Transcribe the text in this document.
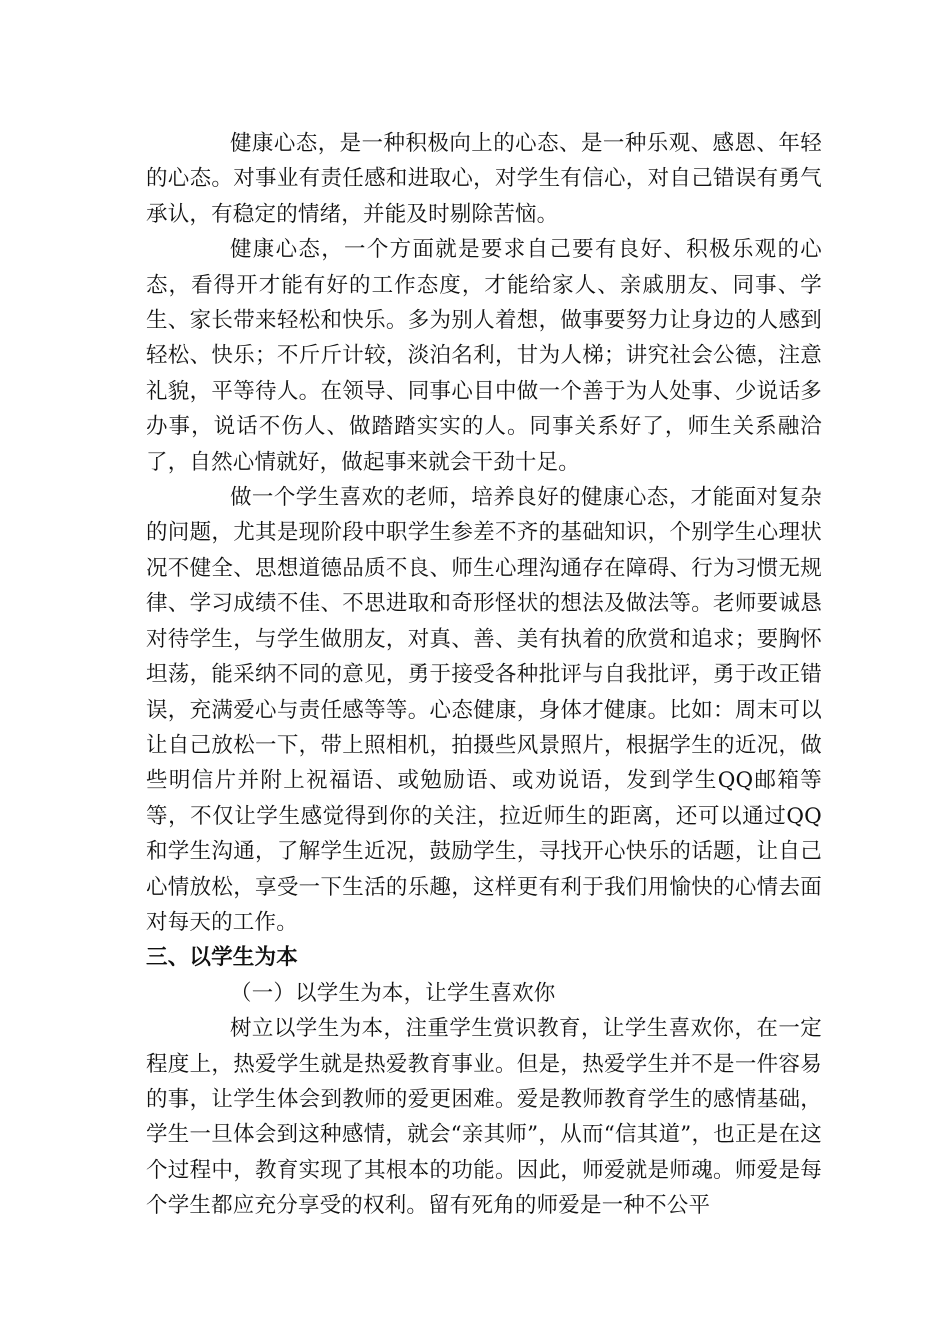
健康心态，是一种积极向上的心态、是一种乐观、感恩、年轻的心态。对事业有责任感和进取心，对学生有信心，对自己错误有勇气承认，有稳定的情绪，并能及时剔除苦恼。

健康心态，一个方面就是要求自己要有良好、积极乐观的心态，看得开才能有好的工作态度，才能给家人、亲戚朋友、同事、学生、家长带来轻松和快乐。多为别人着想，做事要努力让身边的人感到轻松、快乐；不斤斤计较，淡泊名利，甘为人梯；讲究社会公德，注意礼貌，平等待人。在领导、同事心目中做一个善于为人处事、少说话多办事，说话不伤人、做踏踏实实的人。同事关系好了，师生关系融洽了，自然心情就好，做起事来就会干劲十足。

做一个学生喜欢的老师，培养良好的健康心态，才能面对复杂的问题，尤其是现阶段中职学生参差不齐的基础知识，个别学生心理状况不健全、思想道德品质不良、师生心理沟通存在障碍、行为习惯无规律、学习成绩不佳、不思进取和奇形怪状的想法及做法等。老师要诚恳对待学生，与学生做朋友，对真、善、美有执着的欣赏和追求；要胸怀坦荡，能采纳不同的意见，勇于接受各种批评与自我批评，勇于改正错误，充满爱心与责任感等等。心态健康，身体才健康。比如：周末可以让自己放松一下，带上照相机，拍摄些风景照片，根据学生的近况，做些明信片并附上祝福语、或勉励语、或劝说语，发到学生QQ邮箱等等，不仅让学生感觉得到你的关注，拉近师生的距离，还可以通过QQ和学生沟通，了解学生近况，鼓励学生，寻找开心快乐的话题，让自己心情放松，享受一下生活的乐趣，这样更有利于我们用愉快的心情去面对每天的工作。

三、以学生为本

（一）以学生为本，让学生喜欢你

树立以学生为本，注重学生赏识教育，让学生喜欢你，在一定程度上，热爱学生就是热爱教育事业。但是，热爱学生并不是一件容易的事，让学生体会到教师的爱更困难。爱是教师教育学生的感情基础，学生一旦体会到这种感情，就会“亲其师”，从而“信其道”，也正是在这个过程中，教育实现了其根本的功能。因此，师爱就是师魂。师爱是每个学生都应充分享受的权利。留有死角的师爱是一种不公平
